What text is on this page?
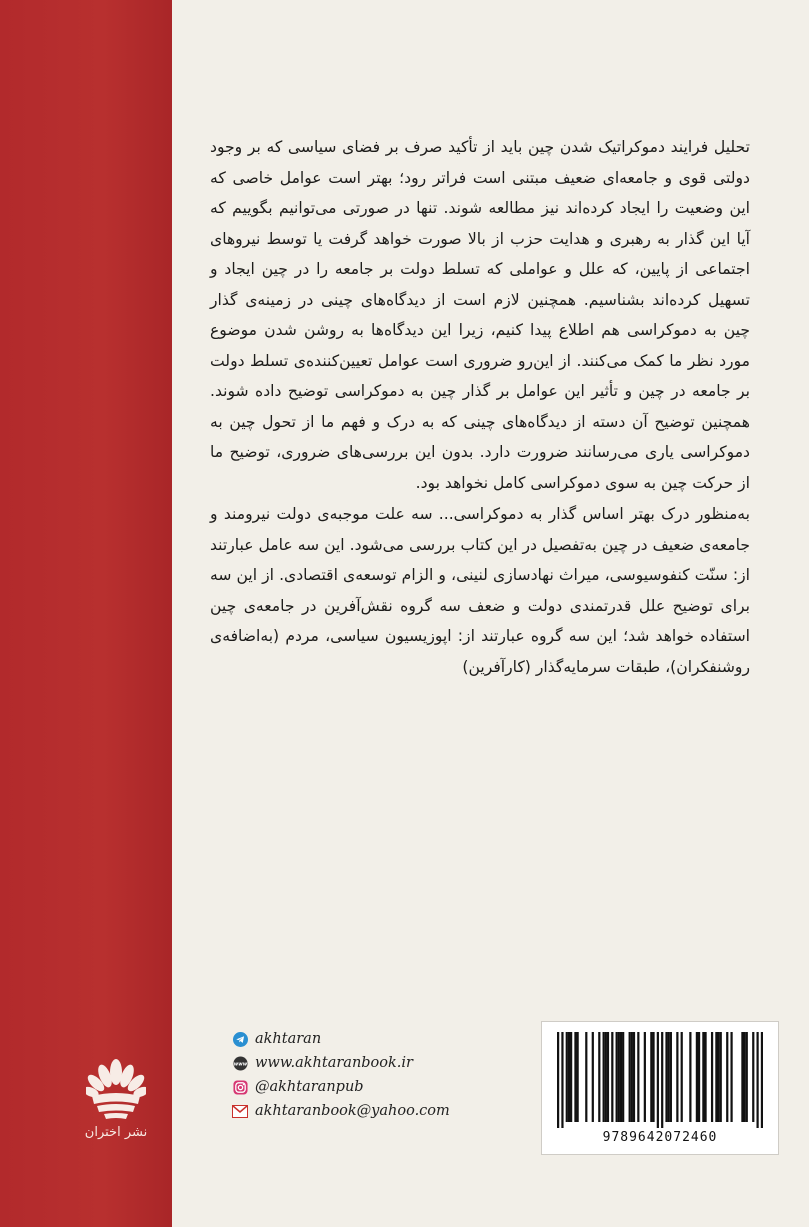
تحلیل فرایند دموکراتیک شدن چین باید از تأکید صرف بر فضای سیاسی که بر وجود دولتی قوی و جامعه‌ای ضعیف مبتنی است فراتر رود؛ بهتر است عوامل خاصی که این وضعیت را ایجاد کرده‌اند نیز مطالعه شوند. تنها در صورتی می‌توانیم بگوییم که آیا این گذار به رهبری و هدایت حزب از بالا صورت خواهد گرفت یا توسط نیروهای اجتماعی از پایین، که علل و عواملی که تسلط دولت بر جامعه را در چین ایجاد و تسهیل کرده‌اند بشناسیم. همچنین لازم است از دیدگاه‌های چینی در زمینه‌ی گذار چین به دموکراسی هم اطلاع پیدا کنیم، زیرا این دیدگاه‌ها به روشن شدن موضوع مورد نظر ما کمک می‌کنند. از این‌رو ضروری است عوامل تعیین‌کننده‌ی تسلط دولت بر جامعه در چین و تأثیر این عوامل بر گذار چین به دموکراسی توضیح داده شوند. همچنین توضیح آن دسته از دیدگاه‌های چینی که به درک و فهم ما از تحول چین به دموکراسی یاری می‌رسانند ضرورت دارد. بدون این بررسی‌های ضروری، توضیح ما از حرکت چین به سوی دموکراسی کامل نخواهد بود.

به‌منظور درک بهتر اساس گذار به دموکراسی... سه علت موجبه‌ی دولت نیرومند و جامعه‌ی ضعیف در چین به‌تفصیل در این کتاب بررسی می‌شود. این سه عامل عبارتند از: سنّت کنفوسیوسی، میراث نهادسازی لنینی، و الزام توسعه‌ی اقتصادی. از این سه برای توضیح علل قدرتمندی دولت و ضعف سه گروه نقش‌آفرین در جامعه‌ی چین استفاده خواهد شد؛ این سه گروه عبارتند از: اپوزیسیون سیاسی، مردم (به‌اضافه‌ی روشنفکران)، طبقات سرمایه‌گذار (کارآفرین)

نشر اختران
akhtaran
www www.akhtaranbook.ir
@akhtaranpub
akhtaranbook@yahoo.com
9789642072460
